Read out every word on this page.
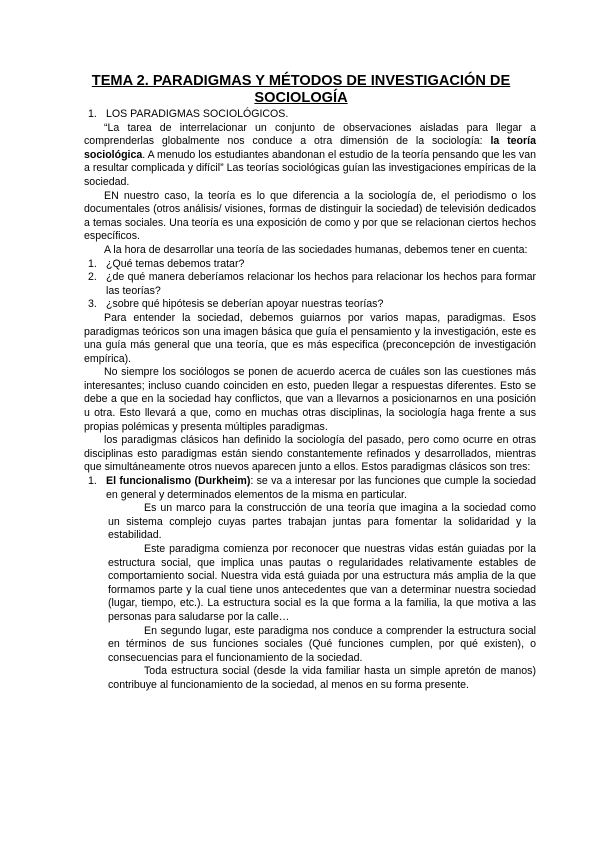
TEMA 2. PARADIGMAS Y MÉTODOS DE INVESTIGACIÓN DE SOCIOLOGÍA

1. LOS PARADIGMAS SOCIOLÓGICOS.

“La tarea de interrelacionar un conjunto de observaciones aisladas para llegar a comprenderlas globalmente nos conduce a otra dimensión de la sociología: la teoría sociológica. A menudo los estudiantes abandonan el estudio de la teoría pensando que les van a resultar complicada y difícil” Las teorías sociológicas guían las investigaciones empíricas de la sociedad.

EN nuestro caso, la teoría es lo que diferencia a la sociología de, el periodismo o los documentales (otros análisis/ visiones, formas de distinguir la sociedad) de televisión dedicados a temas sociales. Una teoría es una exposición de como y por que se relacionan ciertos hechos específicos.

A la hora de desarrollar una teoría de las sociedades humanas, debemos tener en cuenta:

1. ¿Qué temas debemos tratar?

2. ¿de qué manera deberíamos relacionar los hechos para relacionar los hechos para formar las teorías?

3. ¿sobre qué hipótesis se deberían apoyar nuestras teorías?

Para entender la sociedad, debemos guiarnos por varios mapas, paradigmas. Esos paradigmas teóricos son una imagen básica que guía el pensamiento y la investigación, este es una guía más general que una teoría, que es más especifica (preconcepción de investigación empírica).

No siempre los sociólogos se ponen de acuerdo acerca de cuáles son las cuestiones más interesantes; incluso cuando coinciden en esto, pueden llegar a respuestas diferentes. Esto se debe a que en la sociedad hay conflictos, que van a llevarnos a posicionarnos en una posición u otra. Esto llevará a que, como en muchas otras disciplinas, la sociología haga frente a sus propias polémicas y presenta múltiples paradigmas.

los paradigmas clásicos han definido la sociología del pasado, pero como ocurre en otras disciplinas esto paradigmas están siendo constantemente refinados y desarrollados, mientras que simultáneamente otros nuevos aparecen junto a ellos. Estos paradigmas clásicos son tres:

1. El funcionalismo (Durkheim): se va a interesar por las funciones que cumple la sociedad en general y determinados elementos de la misma en particular.

Es un marco para la construcción de una teoría que imagina a la sociedad como un sistema complejo cuyas partes trabajan juntas para fomentar la solidaridad y la estabilidad.

Este paradigma comienza por reconocer que nuestras vidas están guiadas por la estructura social, que implica unas pautas o regularidades relativamente estables de comportamiento social. Nuestra vida está guiada por una estructura más amplia de la que formamos parte y la cual tiene unos antecedentes que van a determinar nuestra sociedad (lugar, tiempo, etc.). La estructura social es la que forma a la familia, la que motiva a las personas para saludarse por la calle…

En segundo lugar, este paradigma nos conduce a comprender la estructura social en términos de sus funciones sociales (Qué funciones cumplen, por qué existen), o consecuencias para el funcionamiento de la sociedad.

Toda estructura social (desde la vida familiar hasta un simple apretón de manos) contribuye al funcionamiento de la sociedad, al menos en su forma presente.
